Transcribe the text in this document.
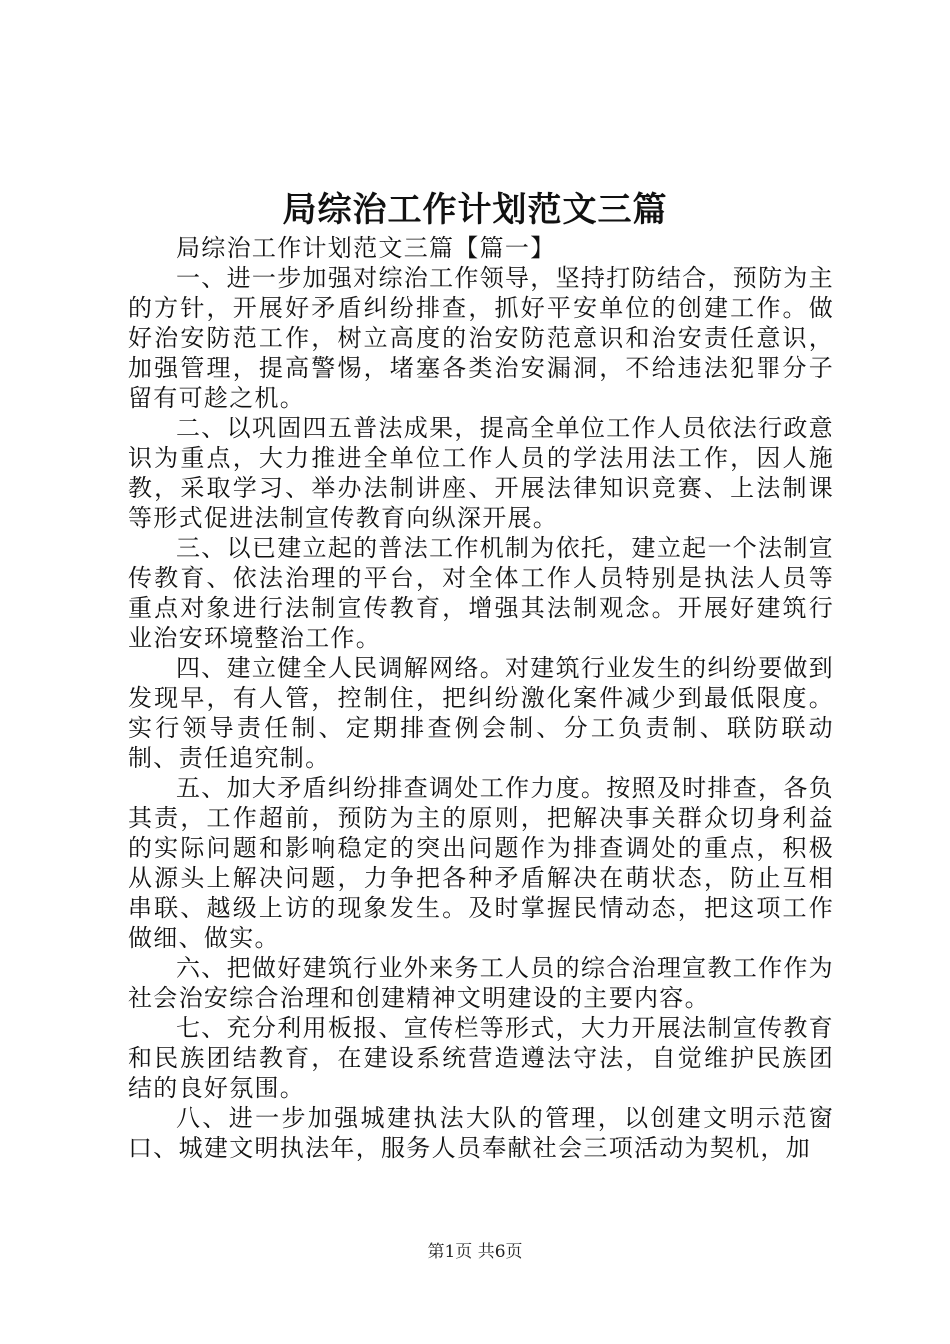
局综治工作计划范文三篇

局综治工作计划范文三篇【篇一】

一、进一步加强对综治工作领导，坚持打防结合，预防为主的方针，开展好矛盾纠纷排查，抓好平安单位的创建工作。做好治安防范工作，树立高度的治安防范意识和治安责任意识，加强管理，提高警惕，堵塞各类治安漏洞，不给违法犯罪分子留有可趁之机。

二、以巩固四五普法成果，提高全单位工作人员依法行政意识为重点，大力推进全单位工作人员的学法用法工作，因人施教，采取学习、举办法制讲座、开展法律知识竞赛、上法制课等形式促进法制宣传教育向纵深开展。

三、以已建立起的普法工作机制为依托，建立起一个法制宣传教育、依法治理的平台，对全体工作人员特别是执法人员等重点对象进行法制宣传教育，增强其法制观念。开展好建筑行业治安环境整治工作。

四、建立健全人民调解网络。对建筑行业发生的纠纷要做到发现早，有人管，控制住，把纠纷激化案件减少到最低限度。实行领导责任制、定期排查例会制、分工负责制、联防联动制、责任追究制。

五、加大矛盾纠纷排查调处工作力度。按照及时排查，各负其责，工作超前，预防为主的原则，把解决事关群众切身利益的实际问题和影响稳定的突出问题作为排查调处的重点，积极从源头上解决问题，力争把各种矛盾解决在萌状态，防止互相串联、越级上访的现象发生。及时掌握民情动态，把这项工作做细、做实。

六、把做好建筑行业外来务工人员的综合治理宣教工作作为社会治安综合治理和创建精神文明建设的主要内容。

七、充分利用板报、宣传栏等形式，大力开展法制宣传教育和民族团结教育，在建设系统营造遵法守法，自觉维护民族团结的良好氛围。

八、进一步加强城建执法大队的管理，以创建文明示范窗口、城建文明执法年，服务人员奉献社会三项活动为契机，加

第1页 共6页
